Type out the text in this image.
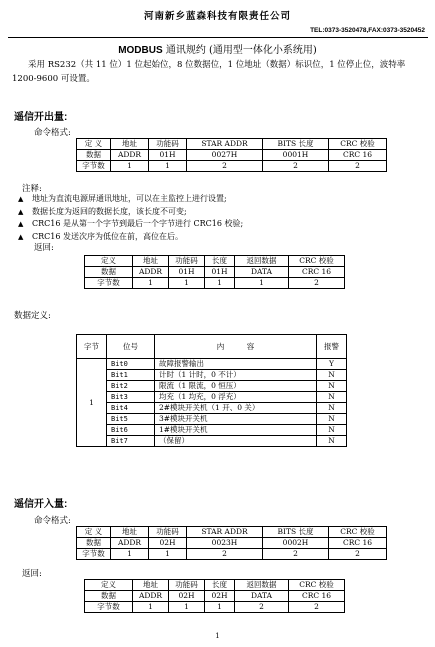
河南新乡蓝森科技有限责任公司
TEL:0373-3520478,FAX:0373-3520452
MODBUS 通讯规约 (通用型一体化小系统用)
采用 RS232（共 11 位）1 位起始位，8 位数据位，1 位地址（数据）标识位，1 位停止位，波特率 1200-9600 可设置。
遥信开出量:
命令格式:
定 义	地址	功能码	STAR ADDR	BITS 长度	CRC 校验
数据	ADDR	01H	0027H	0001H	CRC 16
字节数	1	1	2	2	2
注释:
▲ 地址为直流电源屏通讯地址，可以在主监控上进行设置;
▲ 数据长度为返回的数据长度，该长度不可变;
▲ CRC16 是从第一个字节到最后一个字节进行 CRC16 校验;
▲ CRC16 发送次序为低位在前，高位在后。
返回:
定义	地址	功能码	长度	返回数据	CRC 校验
数据	ADDR	01H	01H	DATA	CRC 16
字节数	1	1	1	1	2
数据定义:
字节	位号	内　　　容	报警
1	Bit0	故障报警输出	Y
	Bit1	计时（1 计时，0 不计）	N
	Bit2	限流（1 限流，0 恒压）	N
	Bit3	均充（1 均充，0 浮充）	N
	Bit4	2#模块开关机（1 开、0 关）	N
	Bit5	3#模块开关机	N
	Bit6	1#模块开关机	N
	Bit7	（保留）	N
遥信开入量:
命令格式:
定 义	地址	功能码	STAR ADDR	BITS 长度	CRC 校验
数据	ADDR	02H	0023H	0002H	CRC 16
字节数	1	1	2	2	2
返回:
定义	地址	功能码	长度	返回数据	CRC 校验
数据	ADDR	02H	02H	DATA	CRC 16
字节数	1	1	1	2	2
1
